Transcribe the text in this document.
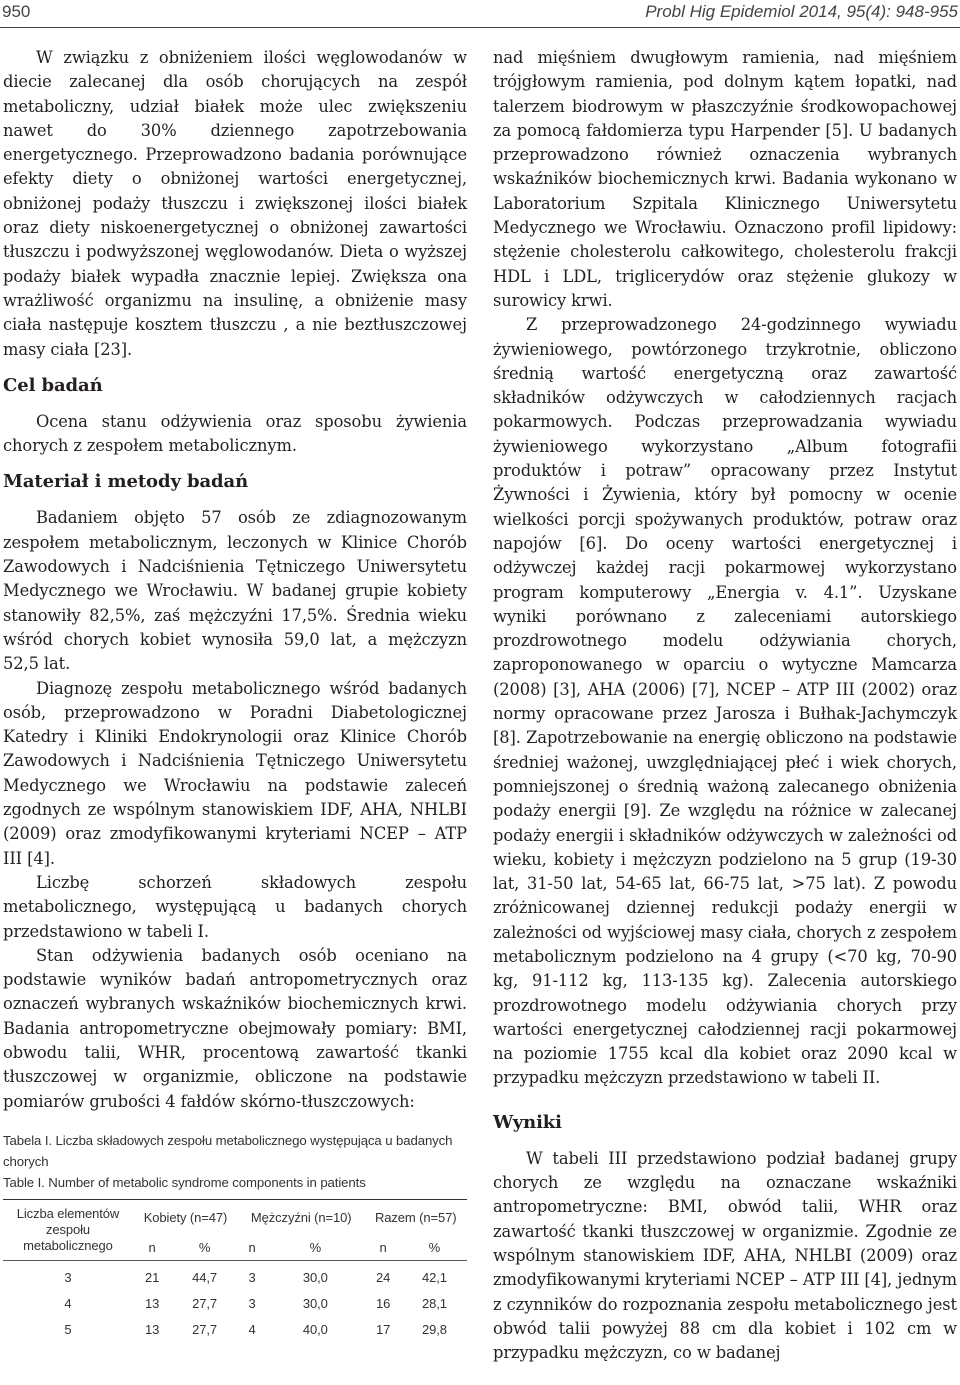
950	Probl Hig Epidemiol 2014, 95(4): 948-955

W związku z obniżeniem ilości węglowodanów w diecie zalecanej dla osób chorujących na zespół metaboliczny, udział białek może ulec zwiększeniu nawet do 30% dziennego zapotrzebowania energetycznego. Przeprowadzono badania porównujące efekty diety o obniżonej wartości energetycznej, obniżonej podaży tłuszczu i zwiększonej ilości białek oraz diety niskoenergetycznej o obniżonej zawartości tłuszczu i podwyższonej węglowodanów. Dieta o wyższej podaży białek wypadła znacznie lepiej. Zwiększa ona wrażliwość organizmu na insulinę, a obniżenie masy ciała następuje kosztem tłuszczu , a nie beztłuszczowej masy ciała [23].

Cel badań

Ocena stanu odżywienia oraz sposobu żywienia chorych z zespołem metabolicznym.

Materiał i metody badań

Badaniem objęto 57 osób ze zdiagnozowanym zespołem metabolicznym, leczonych w Klinice Chorób Zawodowych i Nadciśnienia Tętniczego Uniwersytetu Medycznego we Wrocławiu. W badanej grupie kobiety stanowiły 82,5%, zaś mężczyźni 17,5%. Średnia wieku wśród chorych kobiet wynosiła 59,0 lat, a mężczyzn 52,5 lat.

Diagnozę zespołu metabolicznego wśród badanych osób, przeprowadzono w Poradni Diabetologicznej Katedry i Kliniki Endokrynologii oraz Klinice Chorób Zawodowych i Nadciśnienia Tętniczego Uniwersytetu Medycznego we Wrocławiu na podstawie zaleceń zgodnych ze wspólnym stanowiskiem IDF, AHA, NHLBI (2009) oraz zmodyfikowanymi kryteriami NCEP – ATP III [4].

Liczbę schorzeń składowych zespołu metabolicznego, występującą u badanych chorych przedstawiono w tabeli I.

Stan odżywienia badanych osób oceniano na podstawie wyników badań antropometrycznych oraz oznaczeń wybranych wskaźników biochemicznych krwi. Badania antropometryczne obejmowały pomiary: BMI, obwodu talii, WHR, procentową zawartość tkanki tłuszczowej w organizmie, obliczone na podstawie pomiarów grubości 4 fałdów skórno-tłuszczowych:

Tabela I. Liczba składowych zespołu metabolicznego występująca u badanych chorych
Table I. Number of metabolic syndrome components in patients
Liczba elementów zespołu metabolicznego	Kobiety (n=47)		Mężczyźni (n=10)		Razem (n=57)	
	n	%	n	%	n	%
3	21	44,7	3	30,0	24	42,1
4	13	27,7	3	30,0	16	28,1
5	13	27,7	4	40,0	17	29,8

nad mięśniem dwugłowym ramienia, nad mięśniem trójgłowym ramienia, pod dolnym kątem łopatki, nad talerzem biodrowym w płaszczyźnie środkowopachowej za pomocą fałdomierza typu Harpender [5]. U badanych przeprowadzono również oznaczenia wybranych wskaźników biochemicznych krwi. Badania wykonano w Laboratorium Szpitala Klinicznego Uniwersytetu Medycznego we Wrocławiu. Oznaczono profil lipidowy: stężenie cholesterolu całkowitego, cholesterolu frakcji HDL i LDL, triglicerydów oraz stężenie glukozy w surowicy krwi.

Z przeprowadzonego 24-godzinnego wywiadu żywieniowego, powtórzonego trzykrotnie, obliczono średnią wartość energetyczną oraz zawartość składników odżywczych w całodziennych racjach pokarmowych. Podczas przeprowadzania wywiadu żywieniowego wykorzystano „Album fotografii produktów i potraw” opracowany przez Instytut Żywności i Żywienia, który był pomocny w ocenie wielkości porcji spożywanych produktów, potraw oraz napojów [6]. Do oceny wartości energetycznej i odżywczej każdej racji pokarmowej wykorzystano program komputerowy „Energia v. 4.1”. Uzyskane wyniki porównano z zaleceniami autorskiego prozdrowotnego modelu odżywiania chorych, zaproponowanego w oparciu o wytyczne Mamcarza (2008) [3], AHA (2006) [7], NCEP – ATP III (2002) oraz normy opracowane przez Jarosza i Bułhak-Jachymczyk [8]. Zapotrzebowanie na energię obliczono na podstawie średniej ważonej, uwzględniającej płeć i wiek chorych, pomniejszonej o średnią ważoną zalecanego obniżenia podaży energii [9]. Ze względu na różnice w zalecanej podaży energii i składników odżywczych w zależności od wieku, kobiety i mężczyzn podzielono na 5 grup (19-30 lat, 31-50 lat, 54-65 lat, 66-75 lat, >75 lat). Z powodu zróżnicowanej dziennej redukcji podaży energii w zależności od wyjściowej masy ciała, chorych z zespołem metabolicznym podzielono na 4 grupy (<70 kg, 70-90 kg, 91-112 kg, 113-135 kg). Zalecenia autorskiego prozdrowotnego modelu odżywiania chorych przy wartości energetycznej całodziennej racji pokarmowej na poziomie 1755 kcal dla kobiet oraz 2090 kcal w przypadku mężczyzn przedstawiono w tabeli II.

Wyniki

W tabeli III przedstawiono podział badanej grupy chorych ze względu na oznaczane wskaźniki antropometryczne: BMI, obwód talii, WHR oraz zawartość tkanki tłuszczowej w organizmie. Zgodnie ze wspólnym stanowiskiem IDF, AHA, NHLBI (2009) oraz zmodyfikowanymi kryteriami NCEP – ATP III [4], jednym z czynników do rozpoznania zespołu metabolicznego jest obwód talii powyżej 88 cm dla kobiet i 102 cm w przypadku mężczyzn, co w badanej
